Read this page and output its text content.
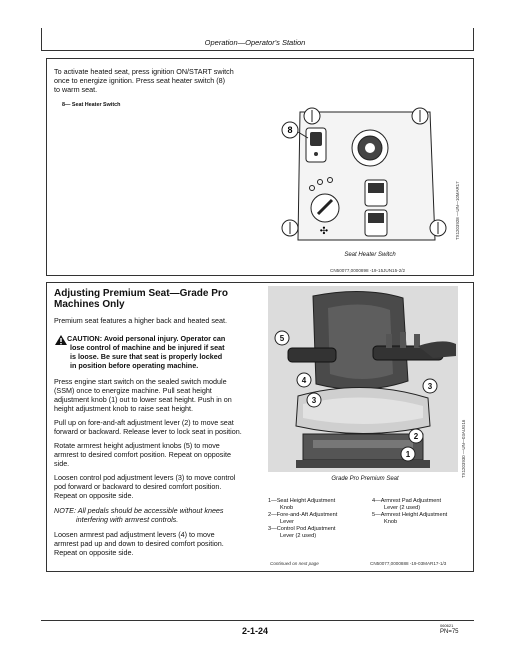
Operation—Operator's Station
To activate heated seat, press ignition ON/START switch
once to energize ignition. Press seat heater switch (8)
to warm seat.
8— Seat Heater Switch
8
✣	TX1203928 —UN—10MAR17
Seat Heater Switch
CN50077,0000898 -19-15JUN15-2/2
Adjusting Premium Seat—Grade Pro
Machines Only
Premium seat features a higher back and heated seat.
CAUTION: Avoid personal injury. Operator can
lose control of machine and be injured if seat
is loose. Be sure that seat is properly locked
in position before operating machine.
Press engine start switch on the sealed switch module
(SSM) once to energize machine. Pull seat height
adjustment knob (1) out to lower seat height. Push in on
height adjustment knob to raise seat height.
Pull up on fore-and-aft adjustment lever (2) to move seat
forward or backward. Release lever to lock seat in position.
Rotate armrest height adjustment knobs (5) to move
armrest to desired comfort position. Repeat on opposite
side.
Loosen control pod adjustment levers (3) to move control
pod forward or backward to desired comfort position.
Repeat on opposite side.
NOTE: All pedals should be accessible without knees
interfering with armrest controls.
Loosen armrest pad adjustment levers (4) to move
armrest pad up and down to desired comfort position.
Repeat on opposite side.
5
4
3
3
2
1	TX1203930 —UN—03AUG16
Grade Pro Premium Seat
1—Seat Height Adjustment
Knob
2—Fore-and-Aft Adjustment
Lever
3—Control Pod Adjustment
Lever (2 used)
4—Armrest Pad Adjustment
Lever (2 used)
5—Armrest Height Adjustment
Knob
Continued on next page	CN50077,0000888 -19-03MAR17-1/3
2-1-24
060621
PN=75
